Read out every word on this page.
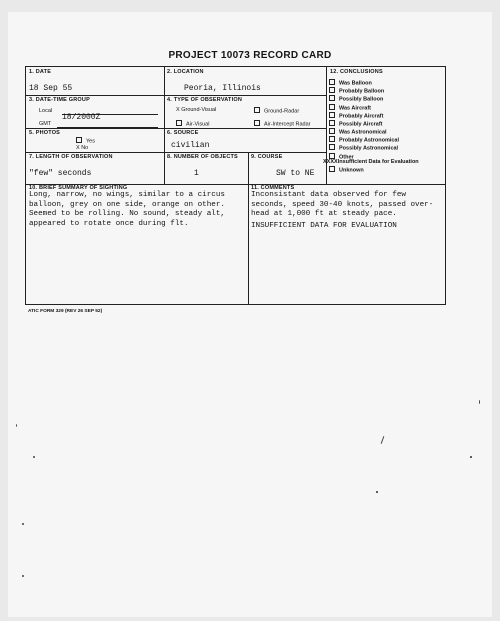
PROJECT 10073 RECORD CARD
1. DATE
18 Sep 55
2. LOCATION
Peoria, Illinois
3. DATE-TIME GROUP
Local
GMT
18/2000Z
4. TYPE OF OBSERVATION
X Ground-Visual	Ground-Radar
Air-Visual	Air-Intercept Radar
5. PHOTOS
Yes
X No
6. SOURCE
civilian
7. LENGTH OF OBSERVATION
"few" seconds
8. NUMBER OF OBJECTS
1
9. COURSE
SW to NE
12. CONCLUSIONS
10. BRIEF SUMMARY OF SIGHTING
Long, narrow, no wings, similar to a circus
balloon, grey on one side, orange on other.
Seemed to be rolling. No sound, steady alt,
appeared to rotate once during flt.
11. COMMENTS
Inconsistant data observed for few
seconds, speed 30-40 knots, passed over-
head at 1,000 ft at steady pace.
INSUFFICIENT DATA FOR EVALUATION
Was Balloon
Probably Balloon
Possibly Balloon
Was Aircraft
Probably Aircraft
Possibly Aircraft
Was Astronomical
Probably Astronomical
Possibly Astronomical
Other
XXXXInsufficient Data for Evaluation
Unknown
ATIC FORM 329 (REV 26 SEP 52)
